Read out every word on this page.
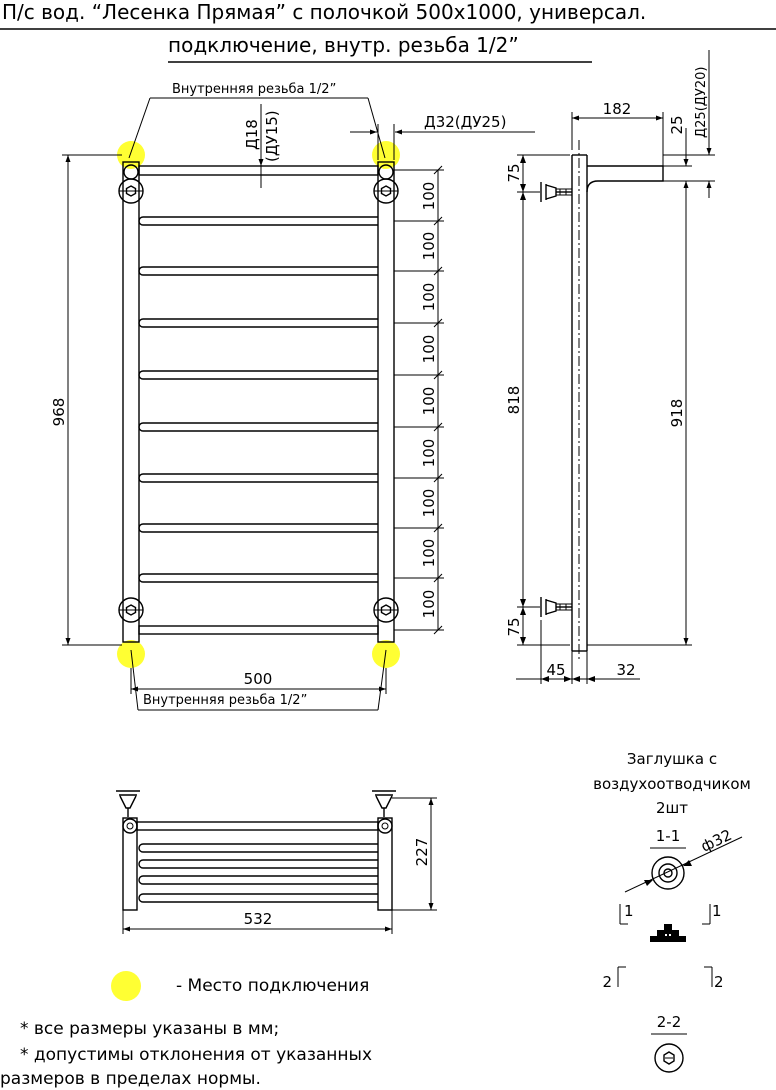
П/с вод. “Лесенка Прямая” с полочкой 500x1000, универсал.
подключение, внутр. резьба 1/2”
Внутренняя резьба 1/2”
Д18 (ДУ15)	Д32(ДУ25)
968
100
100
100
100
100
100
100
100
100
500
Внутренняя резьба 1/2”
182
25 Д25(ДУ20)
75
818
75
918
45	32
227
532
Заглушка с
воздухоотводчиком
2шт
1-1 ф32
1	1
2	2
2-2
- Место подключения
* все размеры указаны в мм;
* допустимы отклонения от указанных
размеров в пределах нормы.
